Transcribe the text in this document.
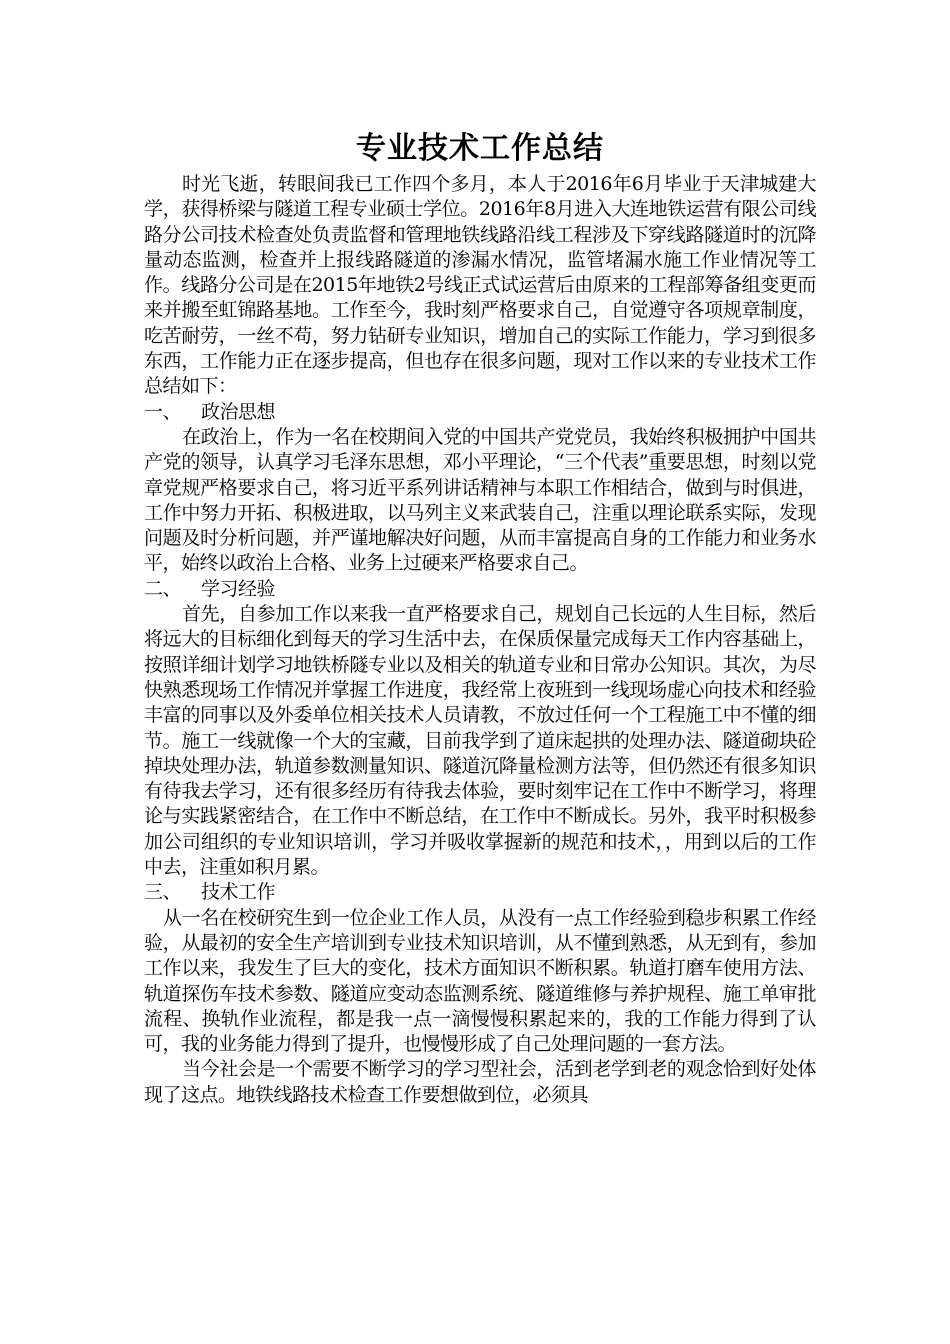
专业技术工作总结

时光飞逝，转眼间我已工作四个多月，本人于2016年6月毕业于天津城建大学，获得桥梁与隧道工程专业硕士学位。2016年8月进入大连地铁运营有限公司线路分公司技术检查处负责监督和管理地铁线路沿线工程涉及下穿线路隧道时的沉降量动态监测，检查并上报线路隧道的渗漏水情况，监管堵漏水施工作业情况等工作。线路分公司是在2015年地铁2号线正式试运营后由原来的工程部筹备组变更而来并搬至虹锦路基地。工作至今，我时刻严格要求自己，自觉遵守各项规章制度，吃苦耐劳，一丝不苟，努力钻研专业知识，增加自己的实际工作能力，学习到很多东西，工作能力正在逐步提高，但也存在很多问题，现对工作以来的专业技术工作总结如下：

一、 政治思想

在政治上，作为一名在校期间入党的中国共产党党员，我始终积极拥护中国共产党的领导，认真学习毛泽东思想，邓小平理论，“三个代表”重要思想，时刻以党章党规严格要求自己，将习近平系列讲话精神与本职工作相结合，做到与时俱进，工作中努力开拓、积极进取，以马列主义来武装自己，注重以理论联系实际，发现问题及时分析问题，并严谨地解决好问题，从而丰富提高自身的工作能力和业务水平，始终以政治上合格、业务上过硬来严格要求自己。

二、 学习经验

首先，自参加工作以来我一直严格要求自己，规划自己长远的人生目标，然后将远大的目标细化到每天的学习生活中去，在保质保量完成每天工作内容基础上，按照详细计划学习地铁桥隧专业以及相关的轨道专业和日常办公知识。其次，为尽快熟悉现场工作情况并掌握工作进度，我经常上夜班到一线现场虚心向技术和经验丰富的同事以及外委单位相关技术人员请教，不放过任何一个工程施工中不懂的细节。施工一线就像一个大的宝藏，目前我学到了道床起拱的处理办法、隧道砌块砼掉块处理办法，轨道参数测量知识、隧道沉降量检测方法等，但仍然还有很多知识有待我去学习，还有很多经历有待我去体验，要时刻牢记在工作中不断学习，将理论与实践紧密结合，在工作中不断总结，在工作中不断成长。另外，我平时积极参加公司组织的专业知识培训，学习并吸收掌握新的规范和技术，，用到以后的工作中去，注重如积月累。

三、 技术工作

从一名在校研究生到一位企业工作人员，从没有一点工作经验到稳步积累工作经验，从最初的安全生产培训到专业技术知识培训，从不懂到熟悉，从无到有，参加工作以来，我发生了巨大的变化，技术方面知识不断积累。轨道打磨车使用方法、轨道探伤车技术参数、隧道应变动态监测系统、隧道维修与养护规程、施工单审批流程、换轨作业流程，都是我一点一滴慢慢积累起来的，我的工作能力得到了认可，我的业务能力得到了提升，也慢慢形成了自己处理问题的一套方法。

当今社会是一个需要不断学习的学习型社会，活到老学到老的观念恰到好处体现了这点。地铁线路技术检查工作要想做到位，必须具
